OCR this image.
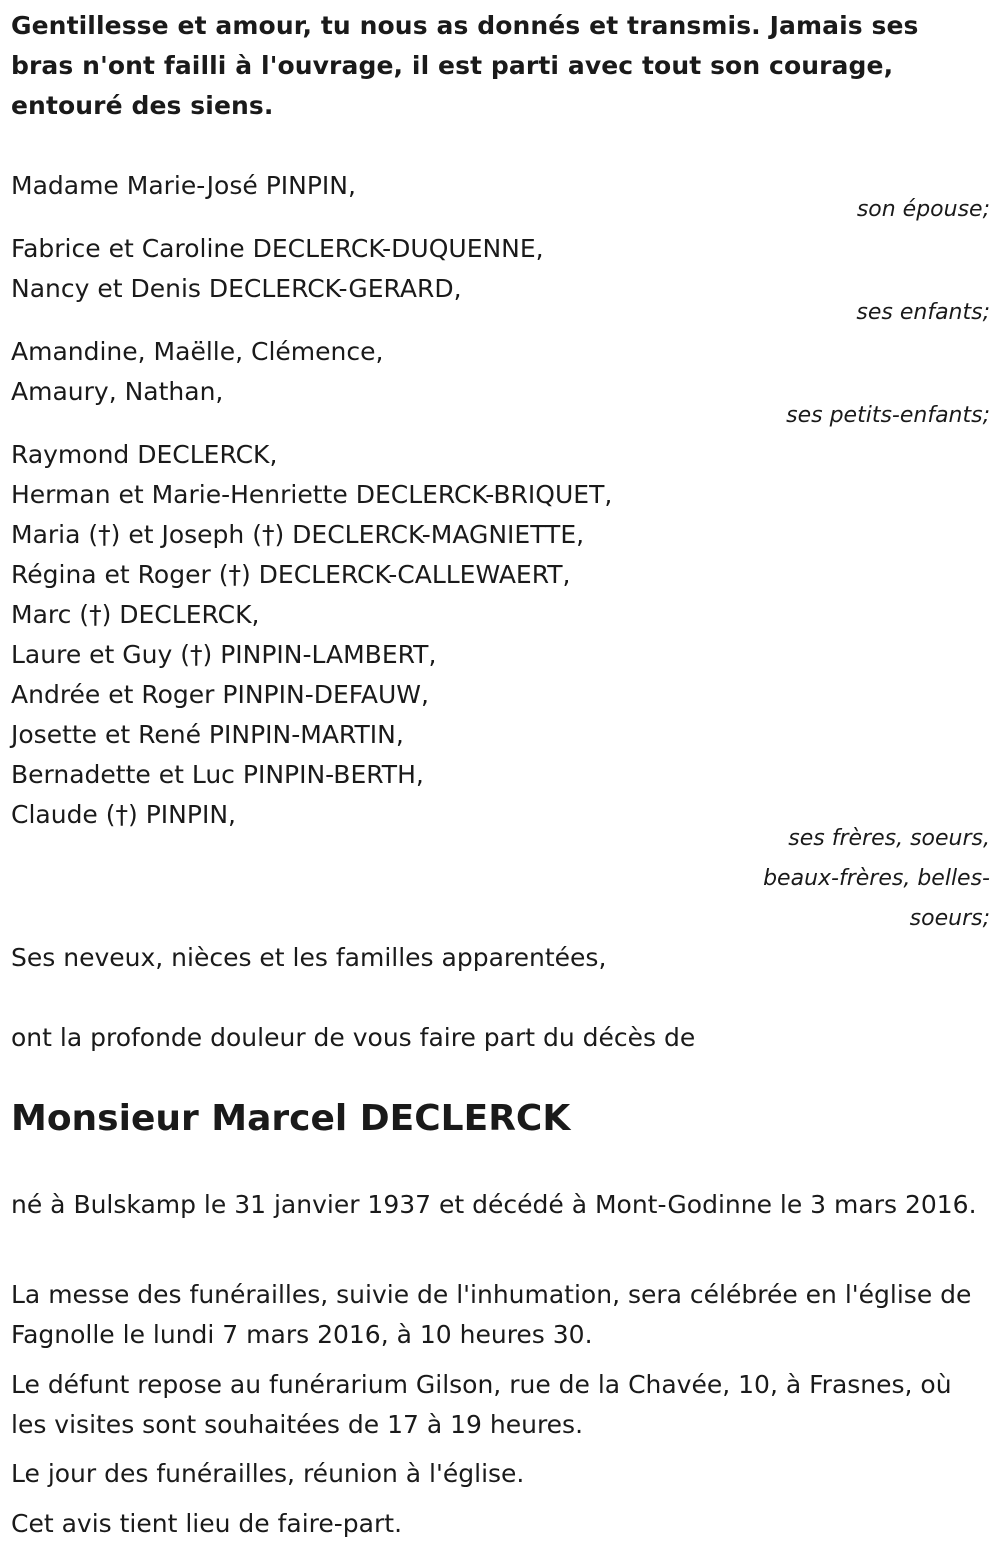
Gentillesse et amour, tu nous as donnés et transmis. Jamais ses bras n'ont failli à l'ouvrage, il est parti avec tout son courage, entouré des siens.

Madame Marie-José PINPIN,

son épouse;

Fabrice et Caroline DECLERCK-DUQUENNE,

Nancy et Denis DECLERCK-GERARD,

ses enfants;

Amandine, Maëlle, Clémence,

Amaury, Nathan,

ses petits-enfants;

Raymond DECLERCK,

Herman et Marie-Henriette DECLERCK-BRIQUET,

Maria (†) et Joseph (†) DECLERCK-MAGNIETTE,

Régina et Roger (†) DECLERCK-CALLEWAERT,

Marc (†) DECLERCK,

Laure et Guy (†) PINPIN-LAMBERT,

Andrée et Roger PINPIN-DEFAUW,

Josette et René PINPIN-MARTIN,

Bernadette et Luc PINPIN-BERTH,

Claude (†) PINPIN,

ses frères, soeurs,

beaux-frères, belles-

soeurs;

Ses neveux, nièces et les familles apparentées,

ont la profonde douleur de vous faire part du décès de

Monsieur Marcel DECLERCK

né à Bulskamp le 31 janvier 1937 et décédé à Mont-Godinne le 3 mars 2016.

La messe des funérailles, suivie de l'inhumation, sera célébrée en l'église de Fagnolle le lundi 7 mars 2016, à 10 heures 30.

Le défunt repose au funérarium Gilson, rue de la Chavée, 10, à Frasnes, où les visites sont souhaitées de 17 à 19 heures.

Le jour des funérailles, réunion à l'église.

Cet avis tient lieu de faire-part.
